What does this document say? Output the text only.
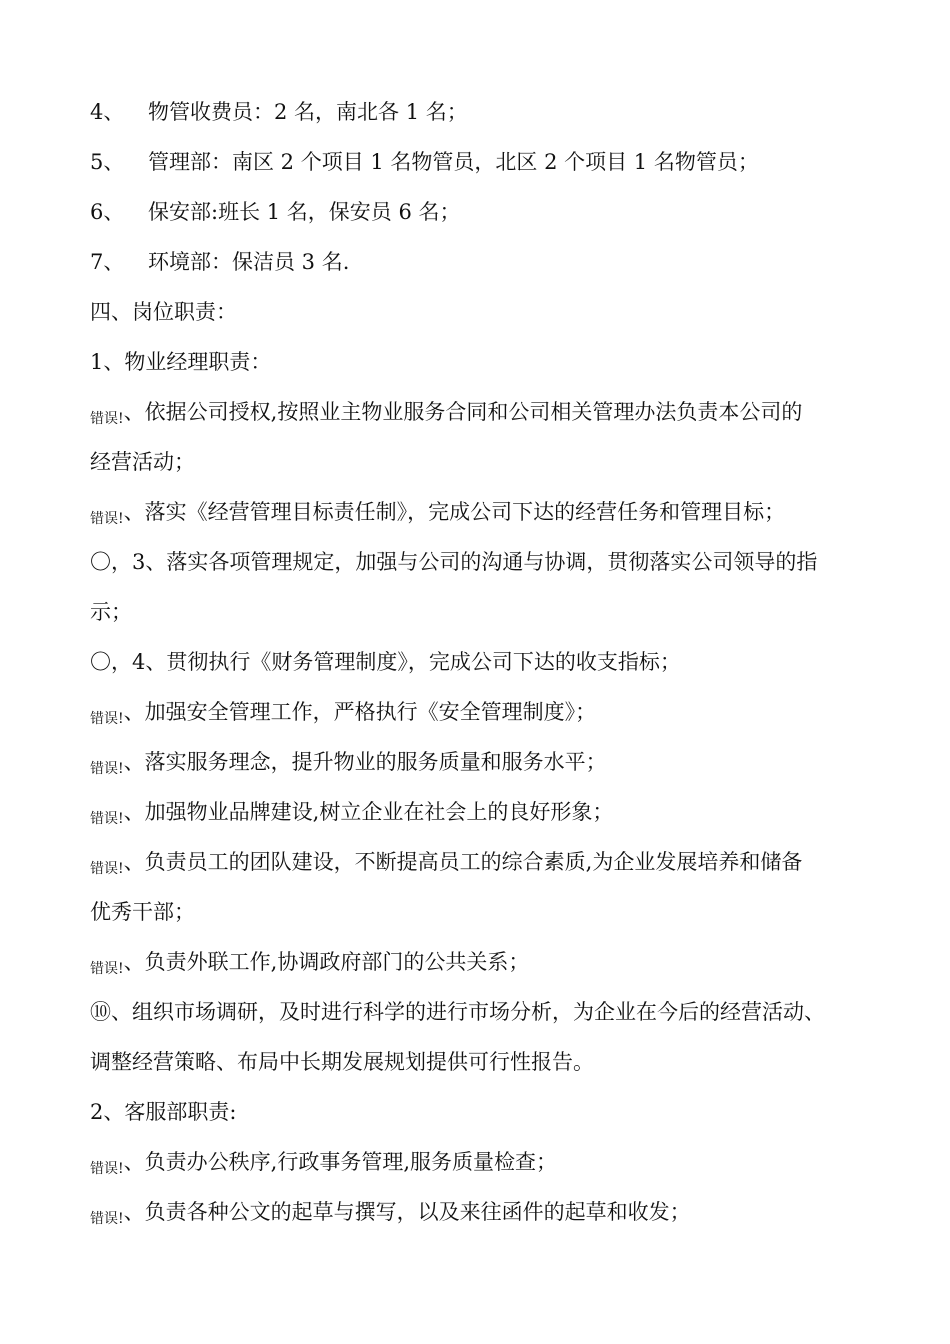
4、 物管收费员：2 名，南北各 1 名；
5、 管理部：南区 2 个项目 1 名物管员，北区 2 个项目 1 名物管员；
6、 保安部:班长 1 名，保安员 6 名；
7、 环境部：保洁员 3 名.
四、岗位职责：
1、物业经理职责：
错误!、依据公司授权,按照业主物业服务合同和公司相关管理办法负责本公司的
经营活动；
错误!、落实《经营管理目标责任制》，完成公司下达的经营任务和管理目标；
〇，3、落实各项管理规定，加强与公司的沟通与协调，贯彻落实公司领导的指
示；
〇，4、贯彻执行《财务管理制度》，完成公司下达的收支指标；
错误!、加强安全管理工作，严格执行《安全管理制度》；
错误!、落实服务理念，提升物业的服务质量和服务水平；
错误!、加强物业品牌建设,树立企业在社会上的良好形象；
错误!、负责员工的团队建设，不断提高员工的综合素质,为企业发展培养和储备
优秀干部；
错误!、负责外联工作,协调政府部门的公共关系；
⑩、组织市场调研，及时进行科学的进行市场分析，为企业在今后的经营活动、
调整经营策略、布局中长期发展规划提供可行性报告。
2、客服部职责:
错误!、负责办公秩序,行政事务管理,服务质量检查；
错误!、负责各种公文的起草与撰写，以及来往函件的起草和收发；
